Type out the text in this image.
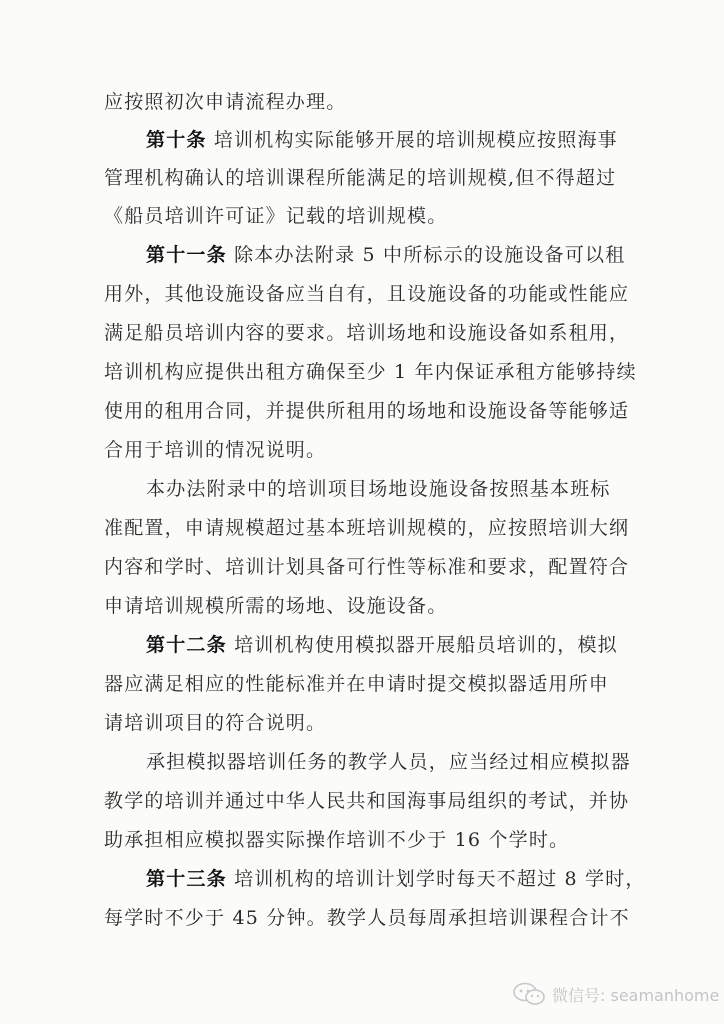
应按照初次申请流程办理。
第十条 培训机构实际能够开展的培训规模应按照海事
管理机构确认的培训课程所能满足的培训规模,但不得超过
《船员培训许可证》记载的培训规模。
第十一条 除本办法附录 5 中所标示的设施设备可以租
用外，其他设施设备应当自有，且设施设备的功能或性能应
满足船员培训内容的要求。培训场地和设施设备如系租用，
培训机构应提供出租方确保至少 1 年内保证承租方能够持续
使用的租用合同，并提供所租用的场地和设施设备等能够适
合用于培训的情况说明。
本办法附录中的培训项目场地设施设备按照基本班标
准配置，申请规模超过基本班培训规模的，应按照培训大纲
内容和学时、培训计划具备可行性等标准和要求，配置符合
申请培训规模所需的场地、设施设备。
第十二条 培训机构使用模拟器开展船员培训的，模拟
器应满足相应的性能标准并在申请时提交模拟器适用所申
请培训项目的符合说明。
承担模拟器培训任务的教学人员，应当经过相应模拟器
教学的培训并通过中华人民共和国海事局组织的考试，并协
助承担相应模拟器实际操作培训不少于 16 个学时。
第十三条 培训机构的培训计划学时每天不超过 8 学时，
每学时不少于 45 分钟。教学人员每周承担培训课程合计不
微信号: seamanhome
